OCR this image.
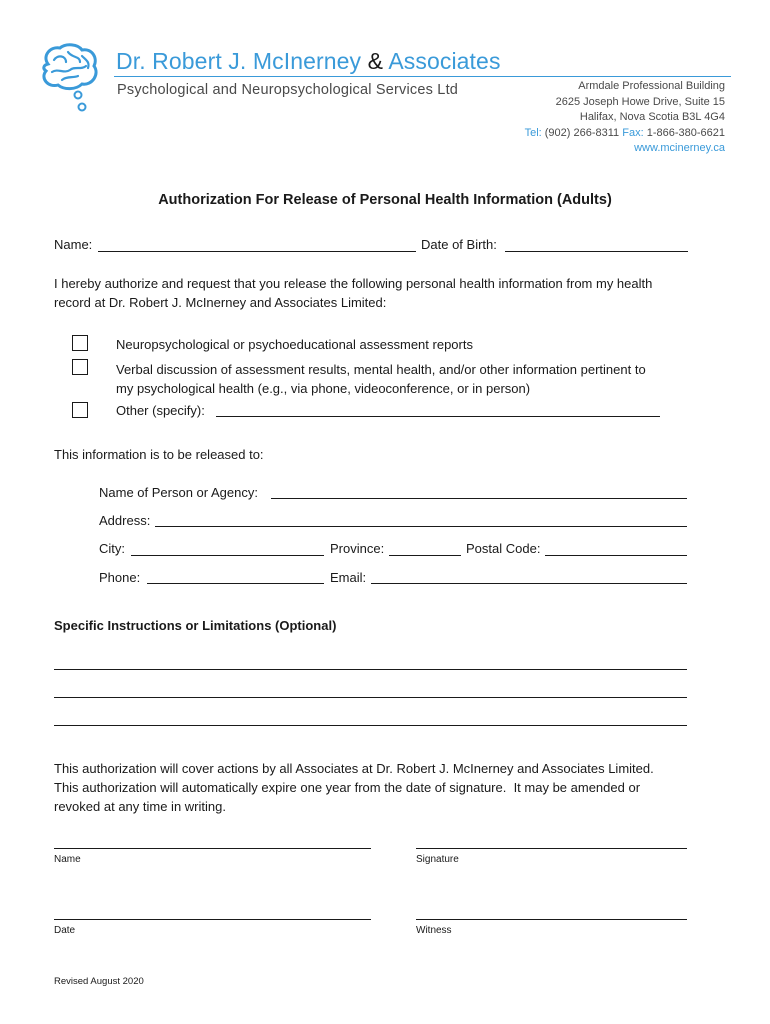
Dr. Robert J. McInerney & Associates
Psychological and Neuropsychological Services Ltd	Armdale Professional Building
2625 Joseph Howe Drive, Suite 15
Halifax, Nova Scotia B3L 4G4
Tel: (902) 266-8311 Fax: 1-866-380-6621
www.mcinerney.ca
Authorization For Release of Personal Health Information (Adults)
Name:	Date of Birth:
I hereby authorize and request that you release the following personal health information from my health
record at Dr. Robert J. McInerney and Associates Limited:
Neuropsychological or psychoeducational assessment reports
Verbal discussion of assessment results, mental health, and/or other information pertinent to
my psychological health (e.g., via phone, videoconference, or in person)
Other (specify):
This information is to be released to:
Name of Person or Agency:
Address:
City:	Province:	Postal Code:
Phone:	Email:
Specific Instructions or Limitations (Optional)
This authorization will cover actions by all Associates at Dr. Robert J. McInerney and Associates Limited.
This authorization will automatically expire one year from the date of signature.  It may be amended or
revoked at any time in writing.
Name	Signature
Date	Witness
Revised August 2020
